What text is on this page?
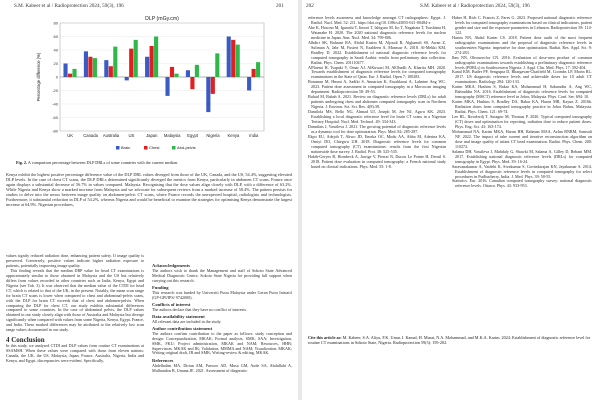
S.M. Kabeer et al / Radioprotection 2024, 59(3), 196	201
DLP (mGy.cm)
-80
-60
-40
-20
0
20
40
60
80
Percentage difference (%)
UK Canada Australia US	Japan Malaysia Egypt Nigeria Kenya India
Brain	Chest	Abd-pelvis
Fig. 2. A comparison percentage between DLP DRLs of some countries with the current median.

Kenya exhibit the highest positive percentage difference value of the DLP DRL values diverged from those of the UK, Canada, and the US, 54.4%, suggesting elevated DLP levels. In the case of chest CT scans, the DLP DRLs determined significantly diverged the metrics from Kenya, particularly in abdomen CT scans. France once again displays a substantial decrease of 56.7% in values compared. Malaysia. Recognising that the dose values align closely with DLP, with a difference of 63.2%. While Nigeria and Kenya show a marked increase from Malaysia and we advocate for subsequent reviews from a marked increase of 58.4%. The pattern persists for studies to delve into the nexus between image quality on abdomen-pelvic CT scans, where France records the unexpected hospital, radiologists and technologists. Furthermore, it substantial reduction in DLP of 54.2%, whereas Nigeria and would be beneficial to examine the strategies for optimising Kenya demonstrate the largest increase at 64.9%. Nigerian procedures,

values signify reduced radiation dose, enhancing patient safety. If image quality is preserved. Conversely, positive values indicate higher radiation exposure to patients, potentially improving image quality.

This finding reveals that the median DRP value for head CT examinations is approximately similar to those obtained in Malaysia and the US but relatively differs from values recorded in other countries such as India, Kenya, Egypt and Nigeria (see Tab. 3). It was observed that the median value of the CTDI for head CT, which is related to that of the UK, in the present. Notably, the mean scan range for brain CT scans is lower when compared to chest and abdominal-pelvis scans, with the DLP for brain CT exceeds that of chest and abdomen-pelvis. When comparing the DLP for chest CT, our study exhibits substantial differences compared to some countries. In the case of abdominal pelvis, the DLP values obtained in our study closely align with those of Australia and Malaysia but diverge significantly when compared with values from some Nigeria, Kenya, Egypt, France, and India. These marked differences may be attributed to the relatively low scan range values documented in our study.

4 Conclusion

In this study, we analysed CTDI and DLP values from routine CT examinations at SSAMSH. When these values were compared with those from eleven nations: Canada, the UK, the US, Malaysia, Japan, France, Australia, Nigeria, India and Kenya, and Egypt, discrepancies were evident. Specifically,

Acknowledgements
The authors wish to thank the Management and staff of Sokoto State Advanced Medical Diagnostic Centre, Sokoto State Nigeria for providing full support when carrying out this research.
Funding
This research was funded by Universiti Putra Malaysia under Geran Putra Inisiatif (GP-GPI/IPS/ 9742000).
Conflicts of interest
The authors declare that they have no conflict of interests.
Data availability statement
All relevant data are included in the study.
Author contribution statement
The authors confirm contribution to the paper as follows: study conception and design: Conceptualization, MKAK; Formal analysis, SMK, SAA; Investigation, SMK, FKU; Project administration, MKAK and NAM; Resources, HHB; Supervision, MKAK and IK; Validation, MMMA and NAM; Visualization, MKAK; Writing original draft, IB and SMK; Writing-review & editing, MKAK.
References
Abdelhalim MA, Dirian AM, Purwoo AD, Musa GM, Aode SA, Abdullahi A, Mulhandon B, Umana JE. 2021. Assessment of diagnostic
202	S.M. Kabeer et al / Radioprotection 2024, 59(3), 196

reference levels awareness and knowledge amongst CT radiographers. Egypt. J. Radiol. Nucl. Med. 52: 211. https://doi.org/10.1186/s43055-021-00484-x

Abe K, Hosono M, Igarashi T, Iimori T, Ishiguro M, Ito T, Nagahata T, Tsushima H, Watanabe H. 2020. The 2020 national diagnostic reference levels for nuclear medicine in Japan. Ann. Nucl. Med. 34: 799-806.

Albdiri SK, Bahrani RA, Abdul Kasim M, Aljoudi R, Alghamdi SS, Awan Z, Suliman A, Jabr M, Fusieri N, Ezaldeen A, Manssur A. 2018. Al-Mekki KM, Bradley D. 2022. Establishment of national diagnostic reference levels for computed tomography in Saudi Arabia: results from preliminary data collection. Radiat. Phys. Chem. 201110477.

AlNaemi H, Tsapaki V, Omar AJ, AlKuwari M, AlObadli A, Kharita MH. 2020. Towards establishment of diagnostic reference levels for computed tomography examinations in the State of Qatar. Eur. J. Radiol. Open 7: 100283.

Bonamar M, Hmmi A, Sadiki S, Annarion K, Essahlaoui A, Lahnine Ang WC. 2023. Patient dose assessment in computed tomography in a Moroccan imaging department. Radioprotection 58: 49-53.

Bulaid M, Babah A. 2021. Review on diagnostic reference levels (DRLs) for adult patients undergoing chest and abdomen computed tomography scan in Northern Nigeria. J. Environ. Sci. Sci. Res. 4(8):38.

Damilola MS, Bello NG, Ahmad UI, Joseph M, Jee NJ, Agwu KK. 2023. Establishing a local diagnostic reference level for brain CT scans in a Nigerian Tertiary Hospital. Nucl. Med. Technol. 49: 334-343.

Dannilats J, Vassileva J. 2021. The growing potential of diagnostic reference levels as a dynamic tool for dose optimization. Phys. Med. 84: 285-287.

Ekpo EU, Adejoh T, Akwo JD, Emeka OC, Modu AA, Abba M, Adesina KA, Omiyi DO, Chiegwu UH. 2018. Diagnostic reference levels for common computed tomography (CT) examinations: results from the first Nigerian nationwide dose survey. J. Radiol. Prot. 38: 525-535.

Habib-Geryes B, Hornbeck A, Jarrige V, Pierrat N, Ducou Le Pointe H, Dreuil S. 2018. Patient dose evaluation in computed tomography: a French national study based on clinical indications. Phys. Med. 55: 1-8.

Haber H, Rich C, Francis Z, Fares G. 2023. Proposed national diagnostic reference levels for computed tomography examinations based on clinical indications, patient gender and size and the exposure parameters in Lebanon. Radioprotection 58: 114-122.

Hasim NN, Abdul Karim CS. 2018. Patient dose audit of the most frequent radiographic examinations and the proposal of diagnostic reference levels in southwestern Nigeria: imperative for dose optimisation. Radiat. Res. Appl. Sci. 9: 274-283.

Ibm NN, Ohwuerofor CN. 2016. Evaluation of dose-area product of common radiographic examinations towards establishing a preliminary diagnostic reference levels (PDRLs) in Southwestern Nigeria. J. Appl. Clin. Med. Phys. 17: 392-404.

Kanal KM, Butler PF, Sengupta D, Bhargavan-Chatfield M, Coombs LP, Morin RL. 2017. US diagnostic reference levels and achievable doses for 10 adult CT examinations. Radiology 284: 120-133.

Karim MKA, Hashim S, Bakar KA, Muhammad H, Sabarudin A, Ang WC, Bahruddin NA. 2016. Establishment of diagnostic reference levels for computed tomography (MSCT) reference level in Johor, Malaysia. Phys. Conf. Ser. 694: 10.

Karim MKA, Hashim S, Bradley DA, Bakar KA, Haron MR, Kayun Z. 2016b. Radiation doses from computed tomography practice in Johor Bahru, Malaysia. Radiat. Phys. Chem. 121: 69-74.

Lee RL, Ikvorlerdj T, Sutagno M, Thomas P. 2020. Typical computed tomography (CT) doses and optimisation for reporting, radiation dose to reduce patient doses. Phys. Eng. Sci. 43: 163-174.

Mohammad NA, Karim MKA, Harun HH, Rahman MAA, Azlan RNRM, Samsuli NF. 2022. The impact of tube current and iterative reconstruction algorithm on dose and image quality of infant CT head examination. Radiat. Phys. Chem. 200: 110272.

Salama DH, Vassileva J, Mahdaly G, Shawki M, Salama A, Gilley D, Rehani MM. 2017. Establishing national diagnostic reference levels (DRLs) for computed tomography in Egypt. Phys. Med. 39: 16-24.

Saravanakumar A, Vaidehi K, Sivakumar S, Govindarajan KN, Jayakumar S. 2014. Establishment of diagnostic reference levels in computed tomography for select procedures in Pudhucherry, India. J. Med. Phys. 39: 50-55.

Statistics. Eur. 2016. Canadian computed tomography survey: national diagnostic reference levels. Ottawa. Phys. 43: 933-953.

Cite this article as: M. Kabeer, S.A. Aliyu, F.K. Umar, I. Kamal, H. Murat, N.A. Mohammad, and M.K.A. Karim. 2024. Establishment of diagnostic reference level for routine CT examinations in Sokoto State, Nigeria. Radioprotection 59(3): 195-202.
